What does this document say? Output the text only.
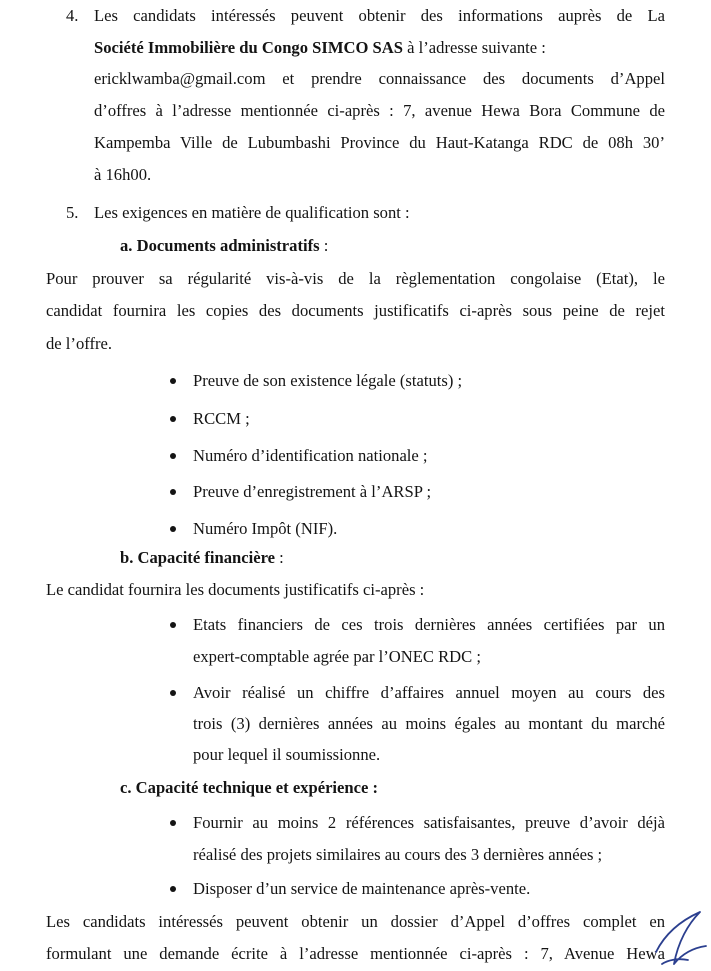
4. Les candidats intéressés peuvent obtenir des informations auprès de La
Société Immobilière du Congo SIMCO SAS à l’adresse suivante :
ericklwamba@gmail.com et prendre connaissance des documents d’Appel
d’offres à l’adresse mentionnée ci-après : 7, avenue Hewa Bora Commune de
Kampemba Ville de Lubumbashi Province du Haut-Katanga RDC de 08h 30’
à 16h00.
5. Les exigences en matière de qualification sont :
a. Documents administratifs :
Pour prouver sa régularité vis-à-vis de la règlementation congolaise (Etat), le
candidat fournira les copies des documents justificatifs ci-après sous peine de rejet
de l’offre.
Preuve de son existence légale (statuts) ;
RCCM ;
Numéro d’identification nationale ;
Preuve d’enregistrement à l’ARSP ;
Numéro Impôt (NIF).
b. Capacité financière :
Le candidat fournira les documents justificatifs ci-après :
Etats financiers de ces trois dernières années certifiées par un
expert-comptable agrée par l’ONEC RDC ;
Avoir réalisé un chiffre d’affaires annuel moyen au cours des
trois (3) dernières années au moins égales au montant du marché
pour lequel il soumissionne.
c. Capacité technique et expérience :
Fournir au moins 2 références satisfaisantes, preuve d’avoir déjà
réalisé des projets similaires au cours des 3 dernières années ;
Disposer d’un service de maintenance après-vente.
Les candidats intéressés peuvent obtenir un dossier d’Appel d’offres complet en
formulant une demande écrite à l’adresse mentionnée ci-après : 7, Avenue Hewa
